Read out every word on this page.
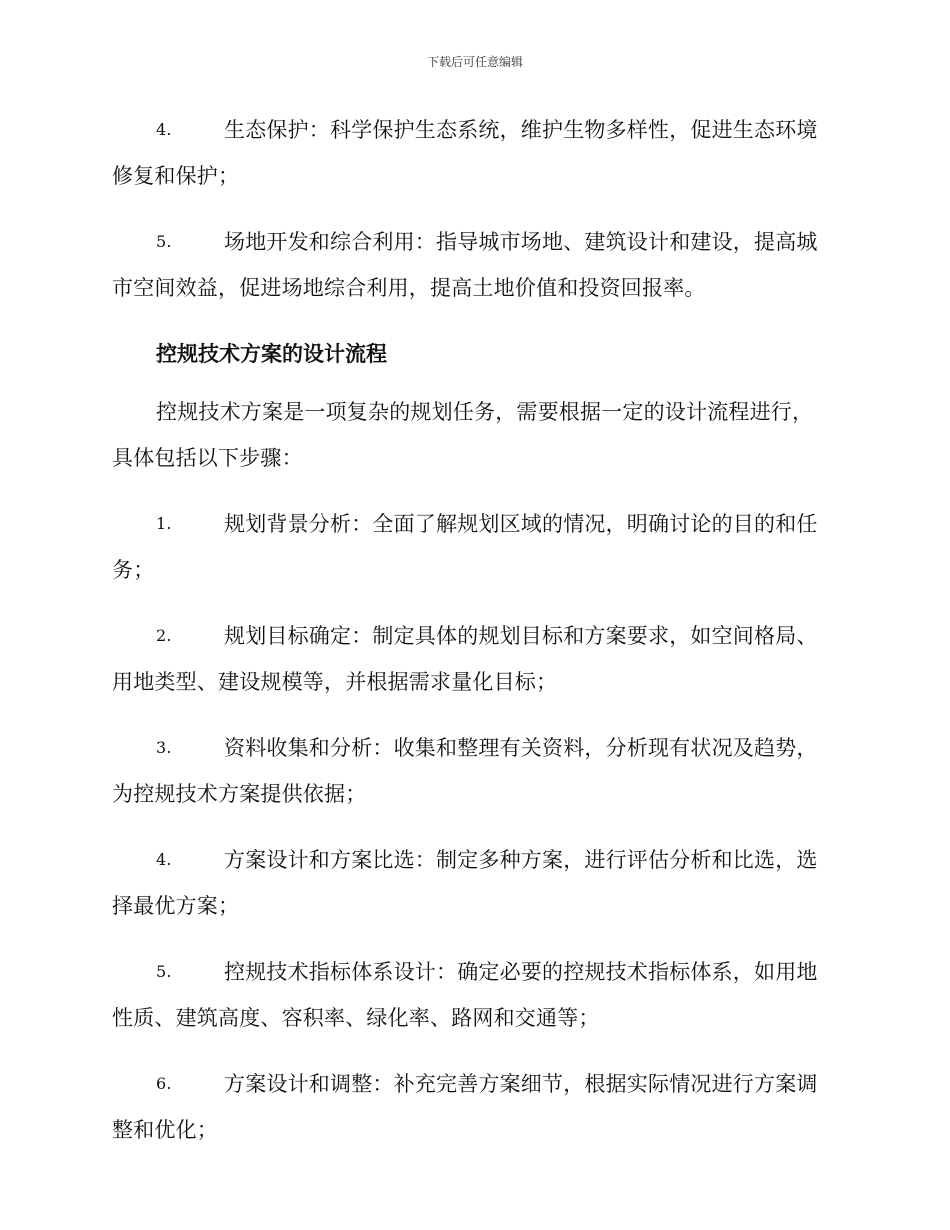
下载后可任意编辑
4. 生态保护：科学保护生态系统，维护生物多样性，促进生态环境
修复和保护；
5. 场地开发和综合利用：指导城市场地、建筑设计和建设，提高城
市空间效益，促进场地综合利用，提高土地价值和投资回报率。
控规技术方案的设计流程
控规技术方案是一项复杂的规划任务，需要根据一定的设计流程进行，
具体包括以下步骤：
1. 规划背景分析：全面了解规划区域的情况，明确讨论的目的和任
务；
2. 规划目标确定：制定具体的规划目标和方案要求，如空间格局、
用地类型、建设规模等，并根据需求量化目标；
3. 资料收集和分析：收集和整理有关资料，分析现有状况及趋势，
为控规技术方案提供依据；
4. 方案设计和方案比选：制定多种方案，进行评估分析和比选，选
择最优方案；
5. 控规技术指标体系设计：确定必要的控规技术指标体系，如用地
性质、建筑高度、容积率、绿化率、路网和交通等；
6. 方案设计和调整：补充完善方案细节，根据实际情况进行方案调
整和优化；
